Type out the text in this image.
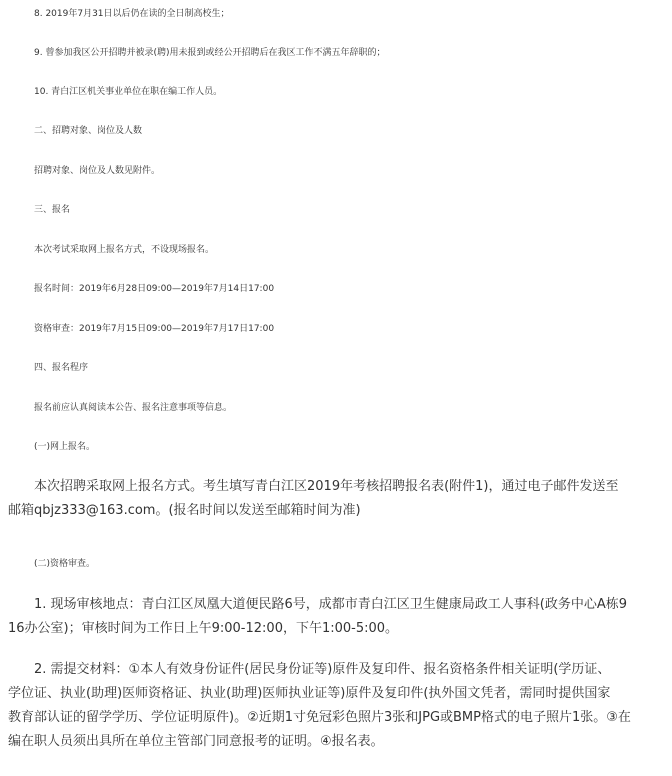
8. 2019年7月31日以后仍在读的全日制高校生；
9. 曾参加我区公开招聘并被录(聘)用未报到或经公开招聘后在我区工作不满五年辞职的；
10. 青白江区机关事业单位在职在编工作人员。
二、招聘对象、岗位及人数
招聘对象、岗位及人数见附件。
三、报名
本次考试采取网上报名方式，不设现场报名。
报名时间：2019年6月28日09:00—2019年7月14日17:00
资格审查：2019年7月15日09:00—2019年7月17日17:00
四、报名程序
报名前应认真阅读本公告、报名注意事项等信息。
(一)网上报名。
本次招聘采取网上报名方式。考生填写青白江区2019年考核招聘报名表(附件1)，通过电子邮件发送至
邮箱qbjz333@163.com。(报名时间以发送至邮箱时间为准)
(二)资格审查。
1. 现场审核地点：青白江区凤凰大道便民路6号，成都市青白江区卫生健康局政工人事科(政务中心A栋9
16办公室)；审核时间为工作日上午9:00-12:00，下午1:00-5:00。
2. 需提交材料：①本人有效身份证件(居民身份证等)原件及复印件、报名资格条件相关证明(学历证、
学位证、执业(助理)医师资格证、执业(助理)医师执业证等)原件及复印件(执外国文凭者，需同时提供国家
教育部认证的留学学历、学位证明原件)。②近期1寸免冠彩色照片3张和JPG或BMP格式的电子照片1张。③在
编在职人员须出具所在单位主管部门同意报考的证明。④报名表。
